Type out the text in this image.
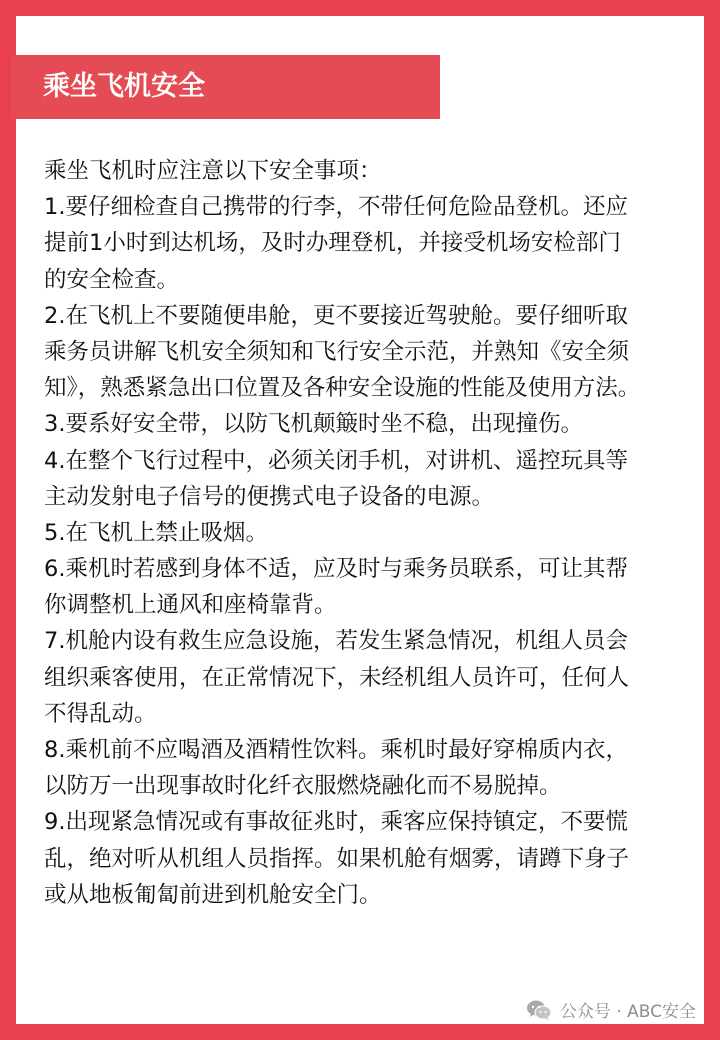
乘坐飞机安全
乘坐飞机时应注意以下安全事项：
1.要仔细检查自己携带的行李，不带任何危险品登机。还应
提前1小时到达机场，及时办理登机，并接受机场安检部门
的安全检查。
2.在飞机上不要随便串舱，更不要接近驾驶舱。要仔细听取
乘务员讲解飞机安全须知和飞行安全示范，并熟知《安全须
知》，熟悉紧急出口位置及各种安全设施的性能及使用方法。
3.要系好安全带，以防飞机颠簸时坐不稳，出现撞伤。
4.在整个飞行过程中，必须关闭手机，对讲机、遥控玩具等
主动发射电子信号的便携式电子设备的电源。
5.在飞机上禁止吸烟。
6.乘机时若感到身体不适，应及时与乘务员联系，可让其帮
你调整机上通风和座椅靠背。
7.机舱内设有救生应急设施，若发生紧急情况，机组人员会
组织乘客使用，在正常情况下，未经机组人员许可，任何人
不得乱动。
8.乘机前不应喝酒及酒精性饮料。乘机时最好穿棉质内衣，
以防万一出现事故时化纤衣服燃烧融化而不易脱掉。
9.出现紧急情况或有事故征兆时，乘客应保持镇定，不要慌
乱，绝对听从机组人员指挥。如果机舱有烟雾，请蹲下身子
或从地板匍匐前进到机舱安全门。
公众号 · ABC安全
